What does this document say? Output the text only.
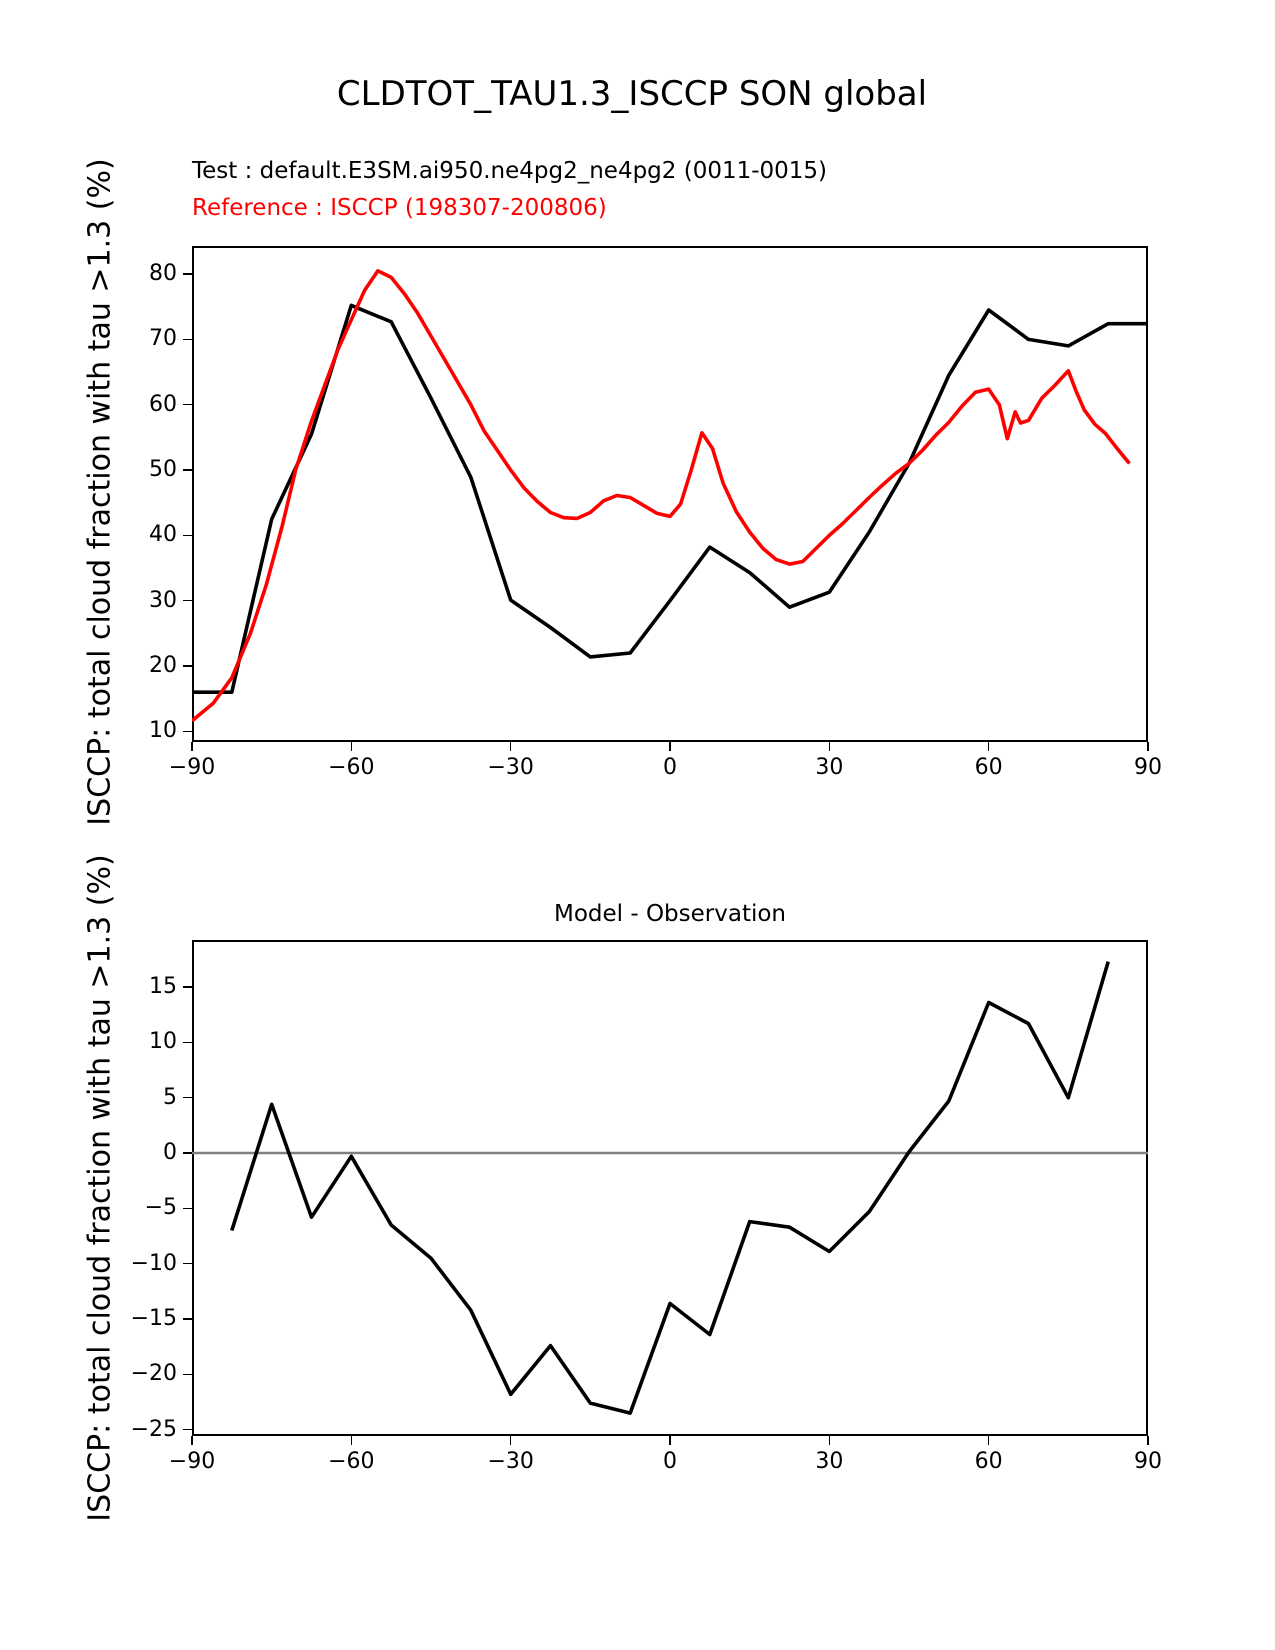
CLDTOT_TAU1.3_ISCCP SON global
Test : default.E3SM.ai950.ne4pg2_ne4pg2 (0011-0015)
Reference : ISCCP (198307-200806)
ISCCP: total cloud fraction with tau >1.3 (%)
ISCCP: total cloud fraction with tau >1.3 (%)	Model - Observation
−90	−60	−30	0	30	60	90
10
20
30
40
50
60
70
80
−90	−60	−30	0	30	60	90
−25
−20
−15
−10
−5
0
5
10
15
